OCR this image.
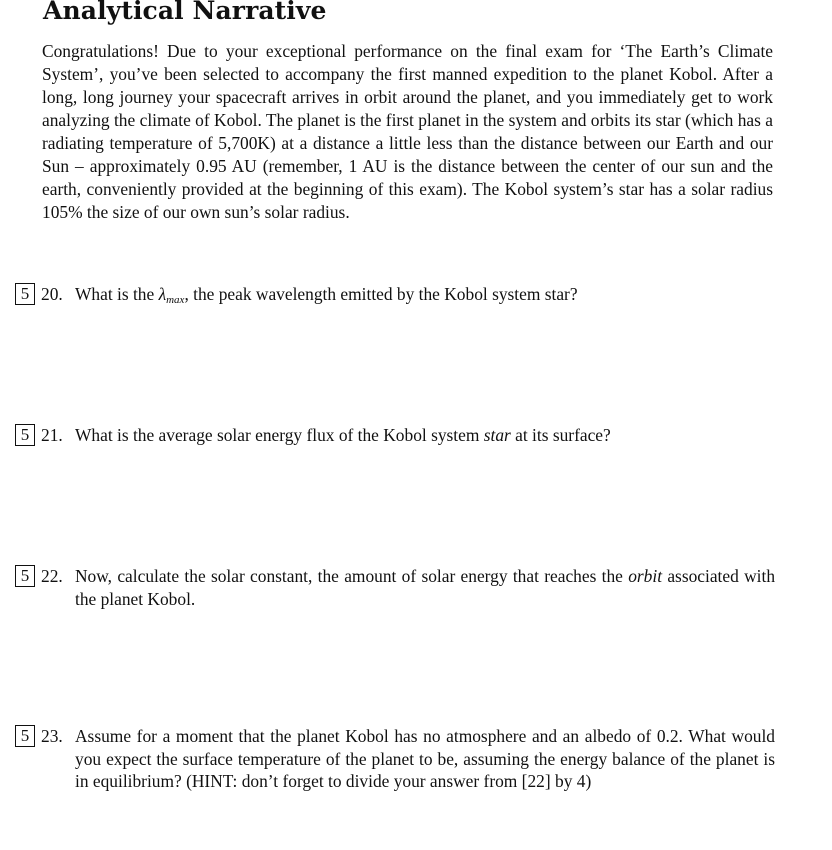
Analytical Narrative

Congratulations! Due to your exceptional performance on the final exam for ‘The Earth’s Climate System’, you’ve been selected to accompany the first manned expedition to the planet Kobol. After a long, long journey your spacecraft arrives in orbit around the planet, and you immediately get to work analyzing the climate of Kobol. The planet is the first planet in the system and orbits its star (which has a radiating temperature of 5,700K) at a distance a little less than the distance between our Earth and our Sun – approximately 0.95 AU (remember, 1 AU is the distance between the center of our sun and the earth, conveniently provided at the beginning of this exam). The Kobol system’s star has a solar radius 105% the size of our own sun’s solar radius.

5 20. What is the $\lambda_{max}$, the peak wavelength emitted by the Kobol system star?
5 21. What is the average solar energy flux of the Kobol system star at its surface?
5 22. Now, calculate the solar constant, the amount of solar energy that reaches the orbit associated with the planet Kobol.
5 23. Assume for a moment that the planet Kobol has no atmosphere and an albedo of 0.2. What would you expect the surface temperature of the planet to be, assuming the energy balance of the planet is in equilibrium? (HINT: don’t forget to divide your answer from [22] by 4)
